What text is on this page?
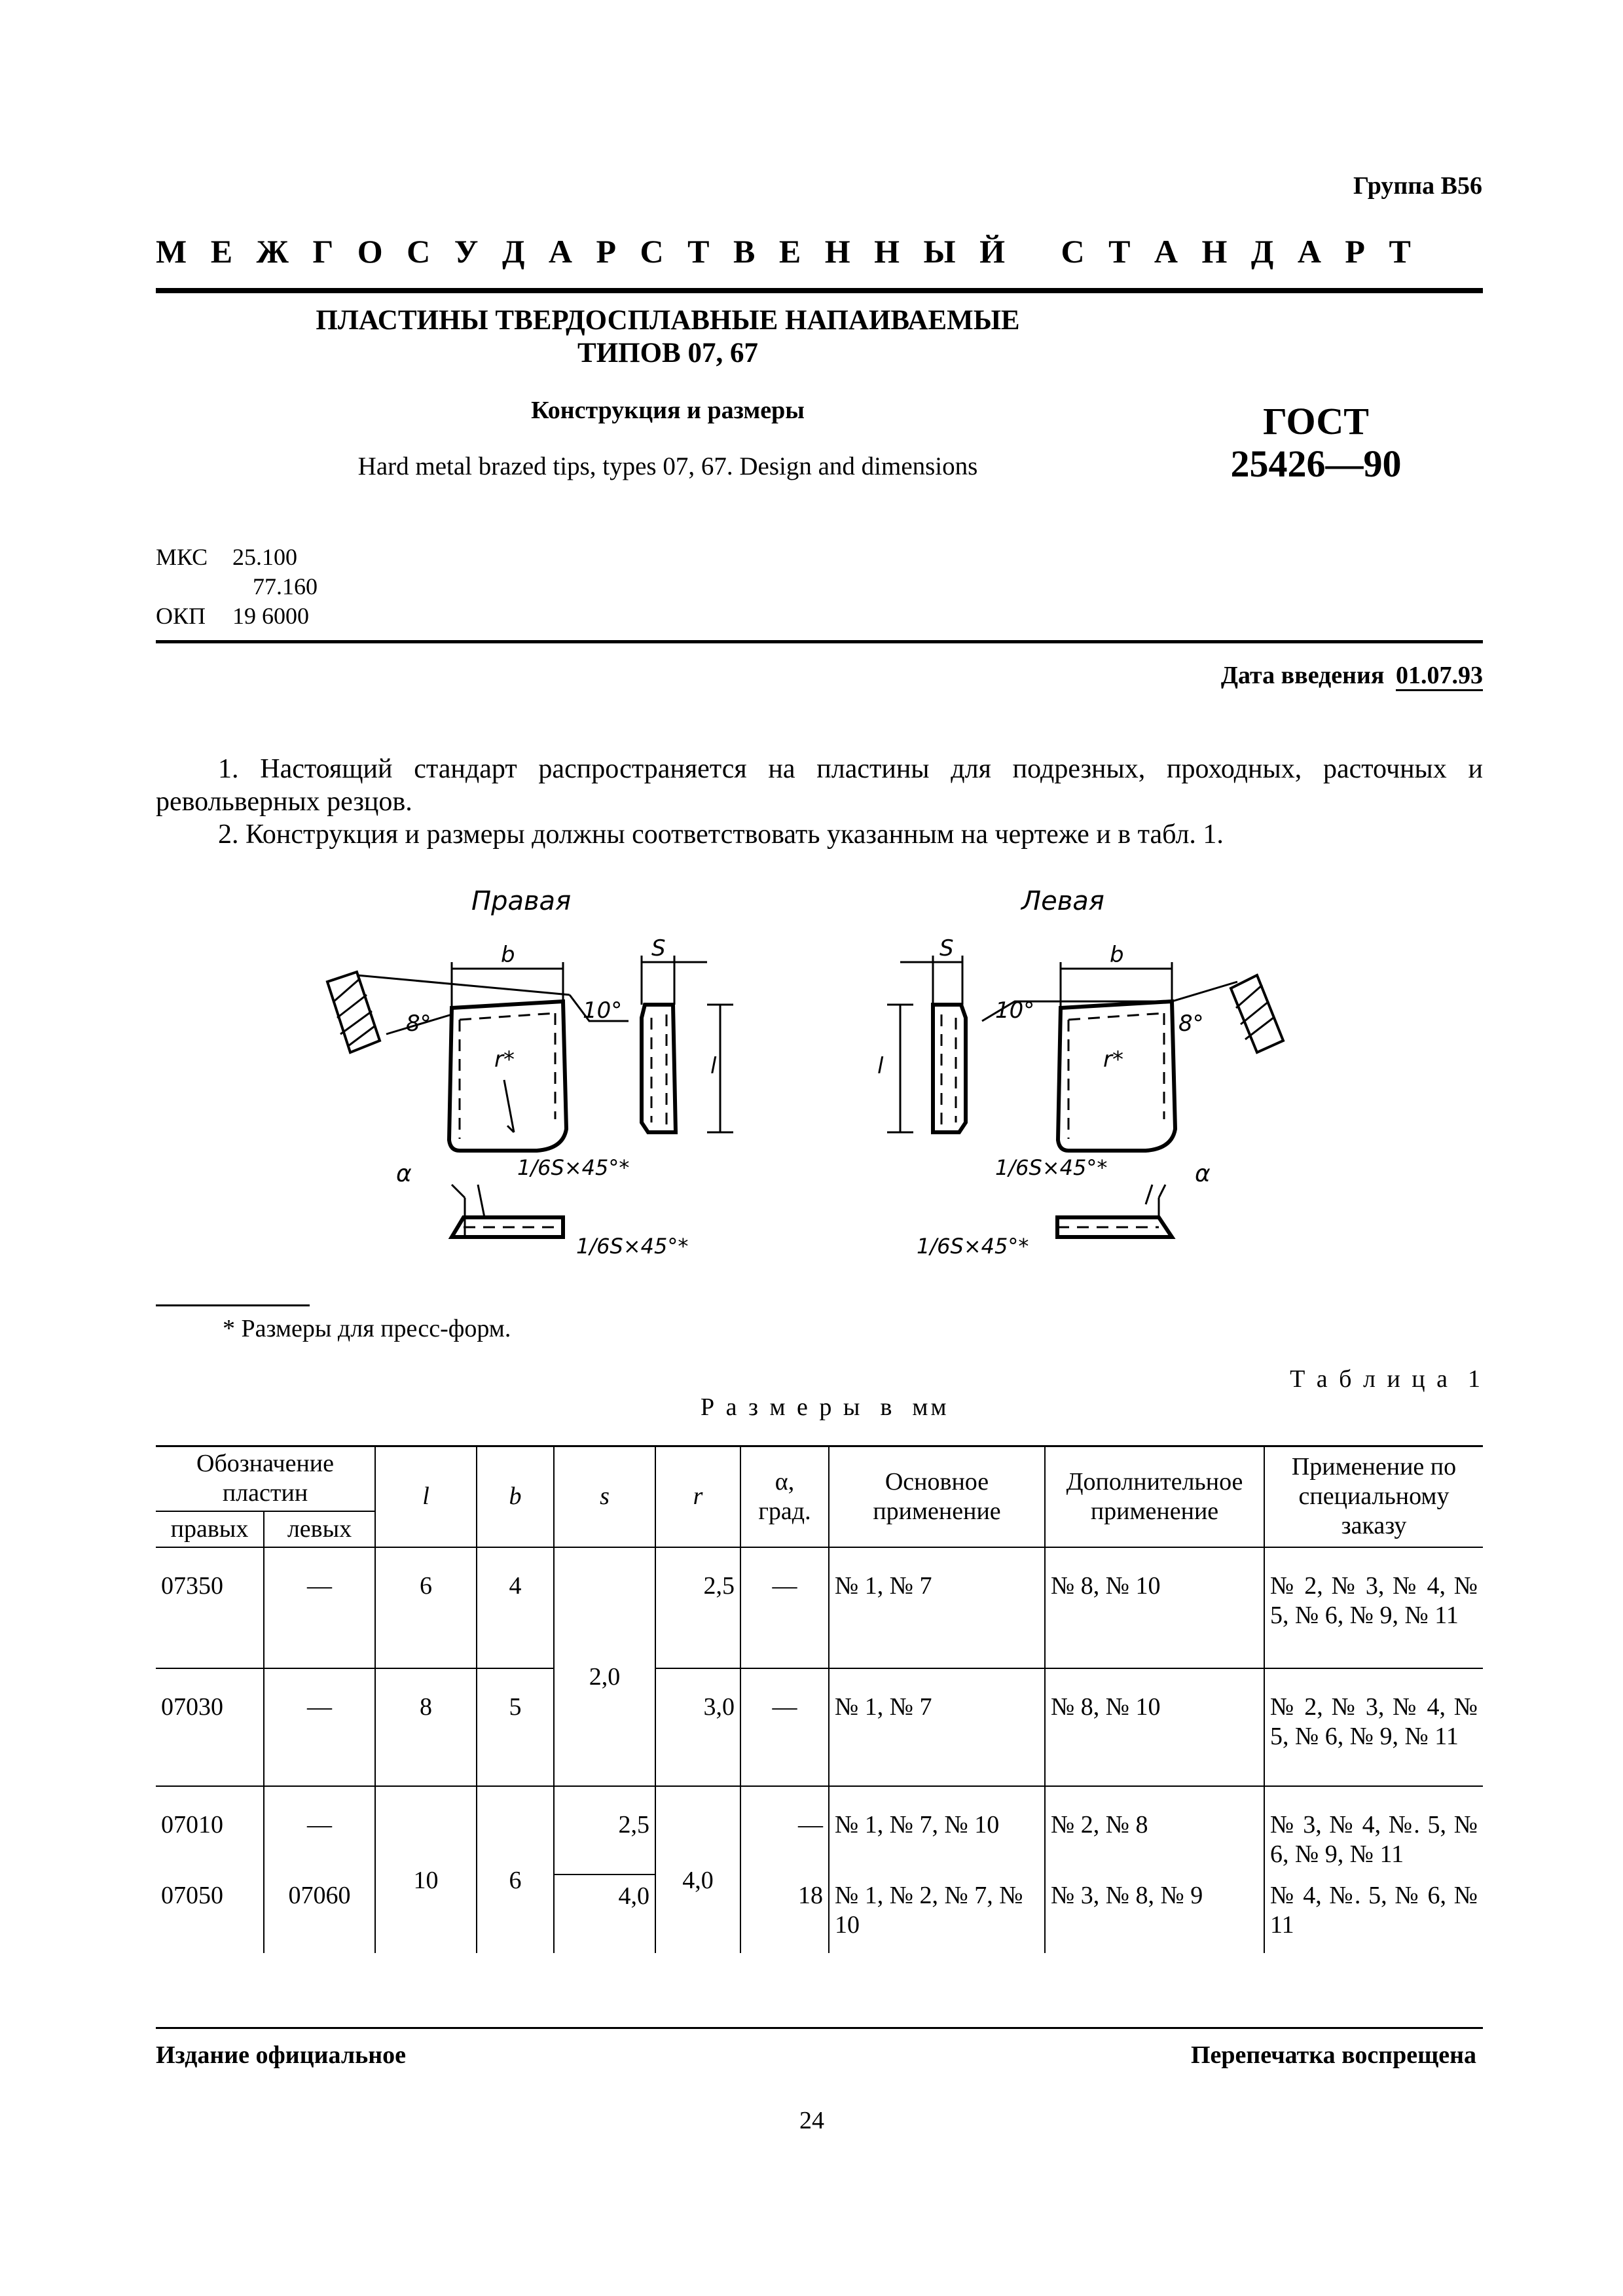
Группа В56
М Е Ж Г О С У Д А Р С Т В Е Н Н Ы Й   С Т А Н Д А Р Т
ПЛАСТИНЫ ТВЕРДОСПЛАВНЫЕ НАПАИВАЕМЫЕ
ТИПОВ 07, 67
Конструкция и размеры
Hard metal brazed tips, types 07, 67. Design and dimensions
ГОСТ
25426—90
МКС 25.100
77.160
ОКП 19 6000
Дата введения 01.07.93

1. Настоящий стандарт распространяется на пластины для подрезных, проходных, расточных и револьверных резцов.

2. Конструкция и размеры должны соответствовать указанным на чертеже и в табл. 1.

Правая	Левая
b	S
l
r*
8°	10°
α	1/6S×45°*
1/6S×45°*
b
S
l	r*
10°	8°
α
1/6S×45°*
1/6S×45°*
* Размеры для пресс-форм.
Т а б л и ц а  1
Р а з м е р ы  в  мм
Обозначение пластин		l	b	s	r	α, град.	Основное применение	Дополнительное применение	Применение по специальному заказу
правых	левых								
07350	—	6	4	2,0	2,5	—	№ 1, № 7	№ 8, № 10	№ 2, № 3, № 4, № 5, № 6, № 9, № 11
07030	—	8	5		3,0	—	№ 1, № 7	№ 8, № 10	№ 2, № 3, № 4, № 5, № 6, № 9, № 11
07010	—	10	6	2,5	4,0	—	№ 1, № 7, № 10	№ 2, № 8	№ 3, № 4, №. 5, № 6, № 9, № 11
07050	07060			4,0		18	№ 1, № 2, № 7, № 10	№ 3, № 8, № 9	№ 4, №. 5, № 6, № 11
Издание официальное	Перепечатка воспрещена
24
